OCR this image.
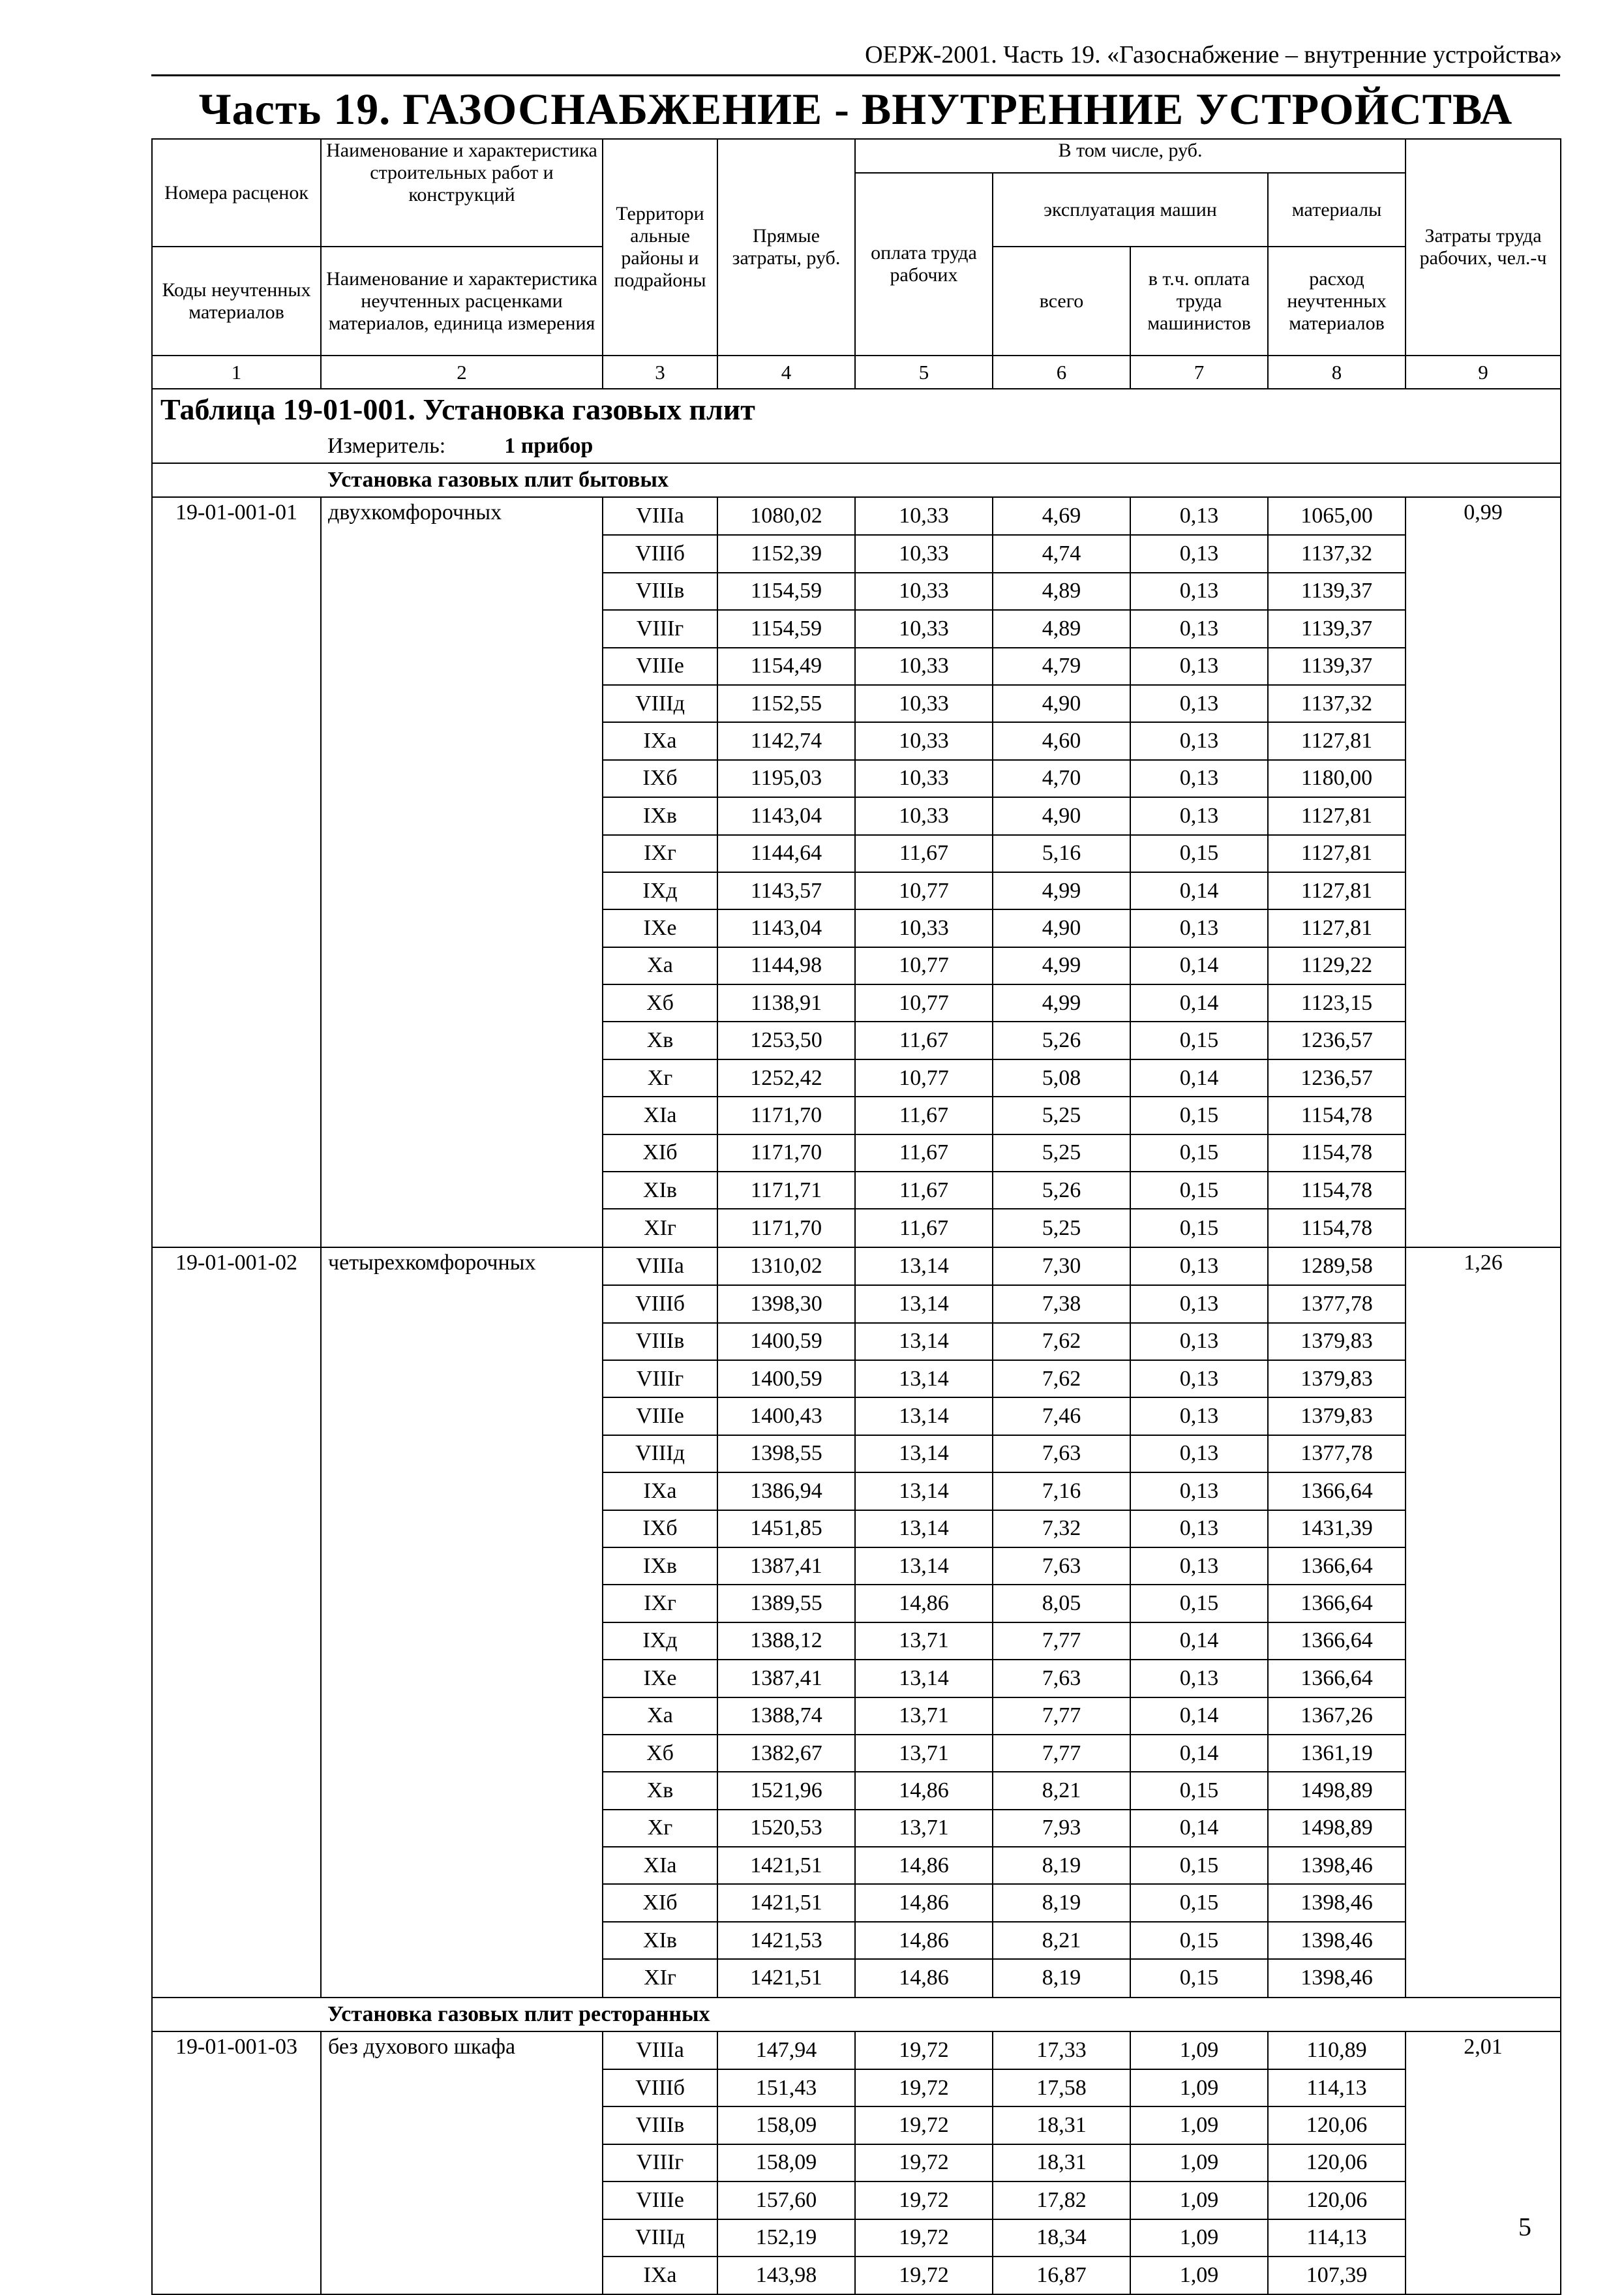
ОЕРЖ-2001. Часть 19. «Газоснабжение – внутренние устройства»
Часть 19. ГАЗОСНАБЖЕНИЕ - ВНУТРЕННИЕ УСТРОЙСТВА
Номера расценок	Наименование и характеристика строительных работ и конструкций	Территори альные районы и подрайоны	Прямые затраты, руб.	В том числе, руб.				Затраты труда рабочих, чел.-ч
				оплата труда рабочих	эксплуатация машин		материалы	
Коды неучтенных материалов	Наименование и характеристика неучтенных расценками материалов, единица измерения				всего	в т.ч. оплата труда машинистов	расход неучтенных материалов	
1	2	3	4	5	6	7	8	9
Таблица 19-01-001. Установка газовых плит								
Измеритель: 1 прибор								
Установка газовых плит бытовых								
19-01-001-01	двухкомфорочных	VIIIa	1080,02	10,33	4,69	0,13	1065,00	0,99
		VIIIб	1152,39	10,33	4,74	0,13	1137,32	
		VIIIв	1154,59	10,33	4,89	0,13	1139,37	
		VIIIг	1154,59	10,33	4,89	0,13	1139,37	
		VIIIе	1154,49	10,33	4,79	0,13	1139,37	
		VIIIд	1152,55	10,33	4,90	0,13	1137,32	
		IXa	1142,74	10,33	4,60	0,13	1127,81	
		IXб	1195,03	10,33	4,70	0,13	1180,00	
		IXв	1143,04	10,33	4,90	0,13	1127,81	
		IXг	1144,64	11,67	5,16	0,15	1127,81	
		IXд	1143,57	10,77	4,99	0,14	1127,81	
		IXе	1143,04	10,33	4,90	0,13	1127,81	
		Xa	1144,98	10,77	4,99	0,14	1129,22	
		Xб	1138,91	10,77	4,99	0,14	1123,15	
		Xв	1253,50	11,67	5,26	0,15	1236,57	
		Xг	1252,42	10,77	5,08	0,14	1236,57	
		XIa	1171,70	11,67	5,25	0,15	1154,78	
		XIб	1171,70	11,67	5,25	0,15	1154,78	
		XIв	1171,71	11,67	5,26	0,15	1154,78	
		XIг	1171,70	11,67	5,25	0,15	1154,78	
19-01-001-02	четырехкомфорочных	VIIIa	1310,02	13,14	7,30	0,13	1289,58	1,26
		VIIIб	1398,30	13,14	7,38	0,13	1377,78	
		VIIIв	1400,59	13,14	7,62	0,13	1379,83	
		VIIIг	1400,59	13,14	7,62	0,13	1379,83	
		VIIIе	1400,43	13,14	7,46	0,13	1379,83	
		VIIIд	1398,55	13,14	7,63	0,13	1377,78	
		IXa	1386,94	13,14	7,16	0,13	1366,64	
		IXб	1451,85	13,14	7,32	0,13	1431,39	
		IXв	1387,41	13,14	7,63	0,13	1366,64	
		IXг	1389,55	14,86	8,05	0,15	1366,64	
		IXд	1388,12	13,71	7,77	0,14	1366,64	
		IXе	1387,41	13,14	7,63	0,13	1366,64	
		Xa	1388,74	13,71	7,77	0,14	1367,26	
		Xб	1382,67	13,71	7,77	0,14	1361,19	
		Xв	1521,96	14,86	8,21	0,15	1498,89	
		Xг	1520,53	13,71	7,93	0,14	1498,89	
		XIa	1421,51	14,86	8,19	0,15	1398,46	
		XIб	1421,51	14,86	8,19	0,15	1398,46	
		XIв	1421,53	14,86	8,21	0,15	1398,46	
		XIг	1421,51	14,86	8,19	0,15	1398,46	
Установка газовых плит ресторанных								
19-01-001-03	без духового шкафа	VIIIa	147,94	19,72	17,33	1,09	110,89	2,01
		VIIIб	151,43	19,72	17,58	1,09	114,13	
		VIIIв	158,09	19,72	18,31	1,09	120,06	
		VIIIг	158,09	19,72	18,31	1,09	120,06	
		VIIIе	157,60	19,72	17,82	1,09	120,06	
		VIIIд	152,19	19,72	18,34	1,09	114,13	
		IXa	143,98	19,72	16,87	1,09	107,39	
5
